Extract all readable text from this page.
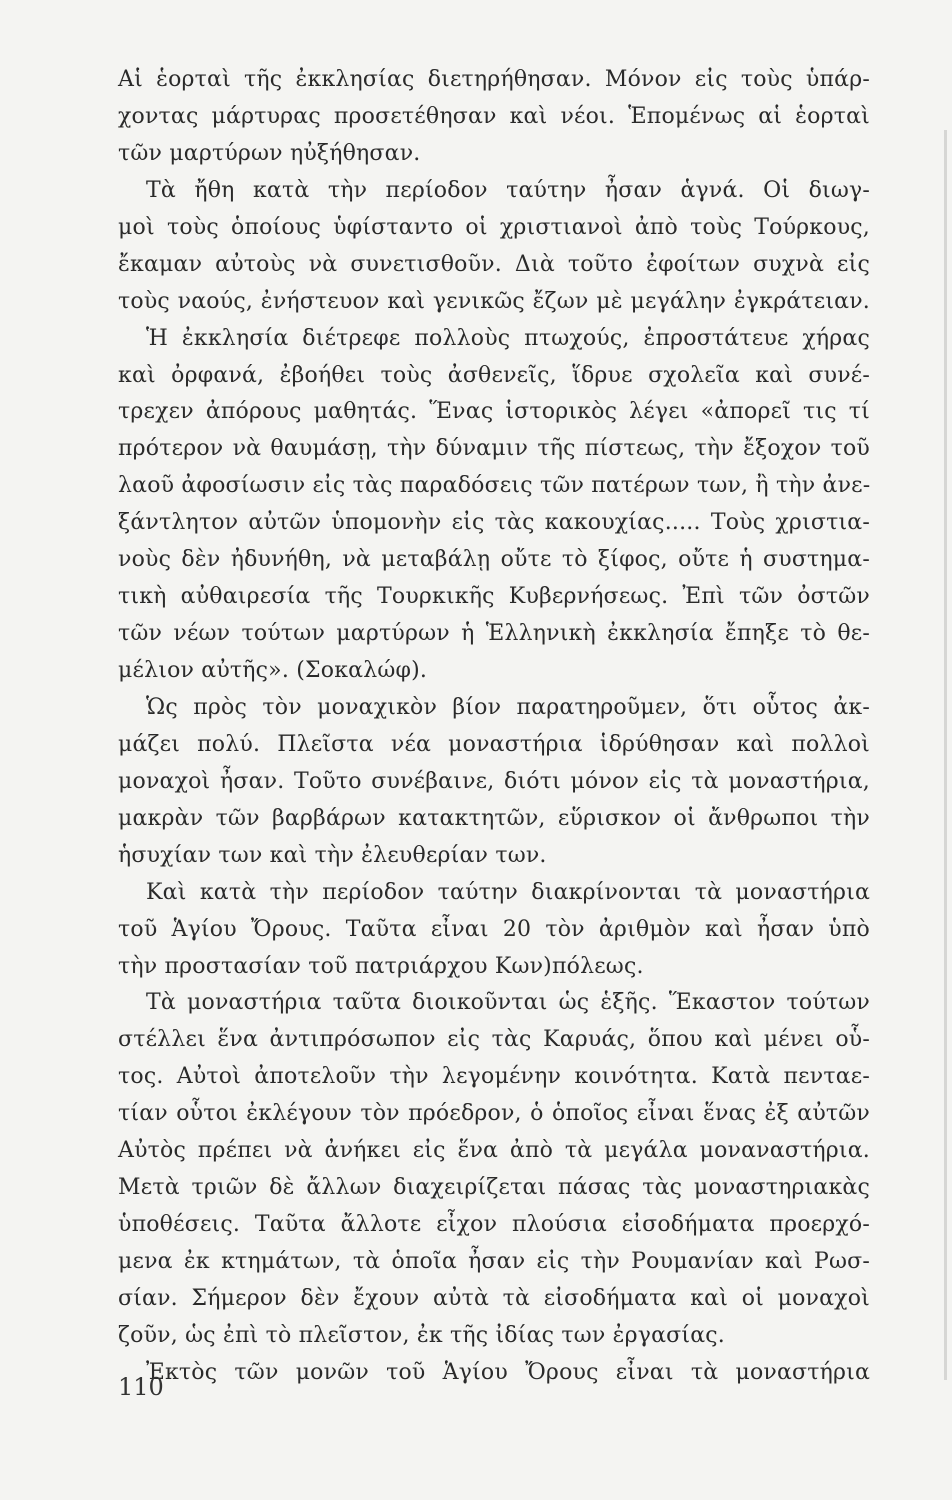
Αἱ ἑορταὶ τῆς ἐκκλησίας διετηρήθησαν. Μόνον εἰς τοὺς ὑπάρ-
χοντας μάρτυρας προσετέθησαν καὶ νέοι. Ἑπομένως αἱ ἑορταὶ
τῶν μαρτύρων ηὐξήθησαν.
Τὰ ἤθη κατὰ τὴν περίοδον ταύτην ἦσαν ἁγνά. Οἱ διωγ-
μοὶ τοὺς ὁποίους ὑφίσταντο οἱ χριστιανοὶ ἀπὸ τοὺς Τούρκους,
ἔκαμαν αὐτοὺς νὰ συνετισθοῦν. Διὰ τοῦτο ἐφοίτων συχνὰ εἰς
τοὺς ναούς, ἐνήστευον καὶ γενικῶς ἔζων μὲ μεγάλην ἐγκράτειαν.
Ἡ ἐκκλησία διέτρεφε πολλοὺς πτωχούς, ἐπροστάτευε χήρας
καὶ ὀρφανά, ἐβοήθει τοὺς ἀσθενεῖς, ἵδρυε σχολεῖα καὶ συνέ-
τρεχεν ἀπόρους μαθητάς. Ἕνας ἱστορικὸς λέγει «ἀπορεῖ τις τί
πρότερον νὰ θαυμάσῃ, τὴν δύναμιν τῆς πίστεως, τὴν ἔξοχον τοῦ
λαοῦ ἀφοσίωσιν εἰς τὰς παραδόσεις τῶν πατέρων των, ἢ τὴν ἀνε-
ξάντλητον αὐτῶν ὑπομονὴν εἰς τὰς κακουχίας..... Τοὺς χριστια-
νοὺς δὲν ἠδυνήθη, νὰ μεταβάλῃ οὔτε τὸ ξίφος, οὔτε ἡ συστημα-
τικὴ αὐθαιρεσία τῆς Τουρκικῆς Κυβερνήσεως. Ἐπὶ τῶν ὀστῶν
τῶν νέων τούτων μαρτύρων ἡ Ἑλληνικὴ ἐκκλησία ἔπηξε τὸ θε-
μέλιον αὐτῆς». (Σοκαλώφ).
Ὡς πρὸς τὸν μοναχικὸν βίον παρατηροῦμεν, ὅτι οὗτος ἀκ-
μάζει πολύ. Πλεῖστα νέα μοναστήρια ἱδρύθησαν καὶ πολλοὶ
μοναχοὶ ἦσαν. Τοῦτο συνέβαινε, διότι μόνον εἰς τὰ μοναστήρια,
μακρὰν τῶν βαρβάρων κατακτητῶν, εὕρισκον οἱ ἄνθρωποι τὴν
ἡσυχίαν των καὶ τὴν ἐλευθερίαν των.
Καὶ κατὰ τὴν περίοδον ταύτην διακρίνονται τὰ μοναστήρια
τοῦ Ἁγίου Ὄρους. Ταῦτα εἶναι 20 τὸν ἀριθμὸν καὶ ἦσαν ὑπὸ
τὴν προστασίαν τοῦ πατριάρχου Κων)πόλεως.
Τὰ μοναστήρια ταῦτα διοικοῦνται ὡς ἑξῆς. Ἕκαστον τούτων
στέλλει ἕνα ἀντιπρόσωπον εἰς τὰς Καρυάς, ὅπου καὶ μένει οὗ-
τος. Αὐτοὶ ἀποτελοῦν τὴν λεγομένην κοινότητα. Κατὰ πενταε-
τίαν οὗτοι ἐκλέγουν τὸν πρόεδρον, ὁ ὁποῖος εἶναι ἕνας ἐξ αὐτῶν
Αὐτὸς πρέπει νὰ ἀνήκει εἰς ἕνα ἀπὸ τὰ μεγάλα μοναναστήρια.
Μετὰ τριῶν δὲ ἄλλων διαχειρίζεται πάσας τὰς μοναστηριακὰς
ὑποθέσεις. Ταῦτα ἄλλοτε εἶχον πλούσια εἰσοδήματα προερχό-
μενα ἐκ κτημάτων, τὰ ὁποῖα ἦσαν εἰς τὴν Ρουμανίαν καὶ Ρωσ-
σίαν. Σήμερον δὲν ἔχουν αὐτὰ τὰ εἰσοδήματα καὶ οἱ μοναχοὶ
ζοῦν, ὡς ἐπὶ τὸ πλεῖστον, ἐκ τῆς ἰδίας των ἐργασίας.
Ἐκτὸς τῶν μονῶν τοῦ Ἁγίου Ὄρους εἶναι τὰ μοναστήρια
110
